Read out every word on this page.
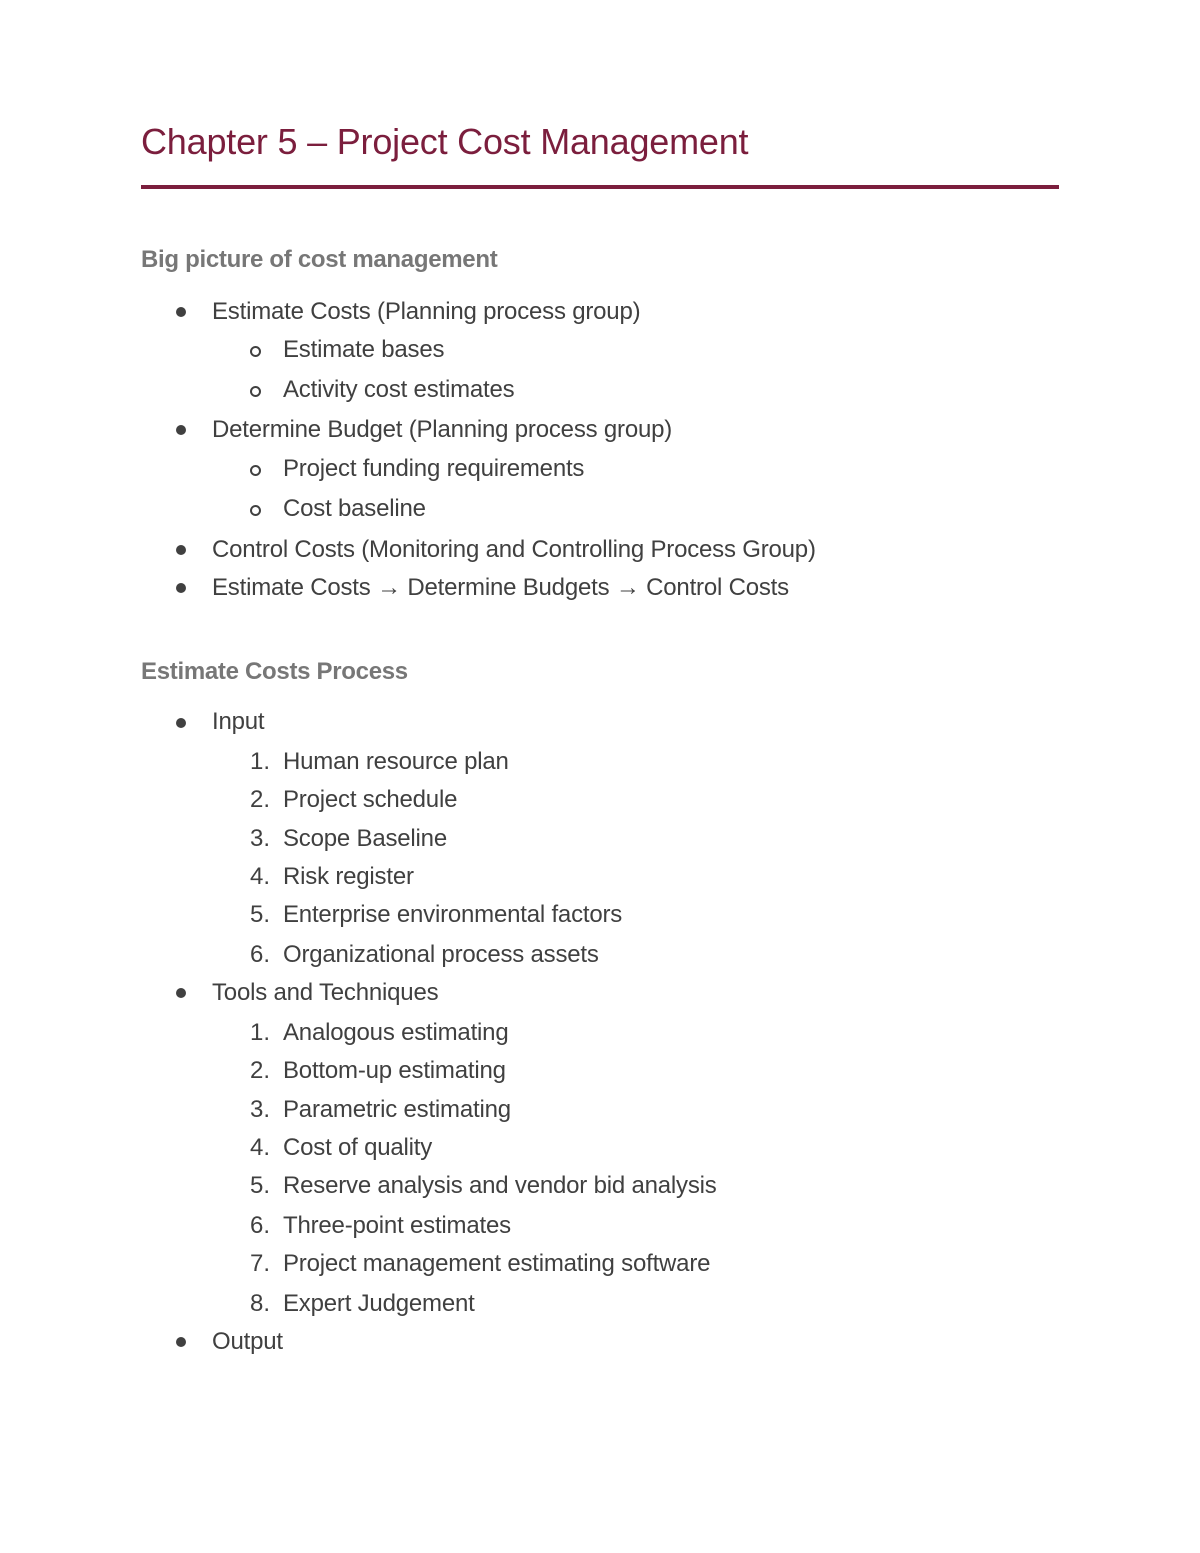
Chapter 5 – Project Cost Management
Big picture of cost management
Estimate Costs (Planning process group)
Estimate bases
Activity cost estimates
Determine Budget (Planning process group)
Project funding requirements
Cost baseline
Control Costs (Monitoring and Controlling Process Group)
Estimate Costs → Determine Budgets → Control Costs
Estimate Costs Process
Input
1. Human resource plan
2. Project schedule
3. Scope Baseline
4. Risk register
5. Enterprise environmental factors
6. Organizational process assets
Tools and Techniques
1. Analogous estimating
2. Bottom-up estimating
3. Parametric estimating
4. Cost of quality
5. Reserve analysis and vendor bid analysis
6. Three-point estimates
7. Project management estimating software
8. Expert Judgement
Output
